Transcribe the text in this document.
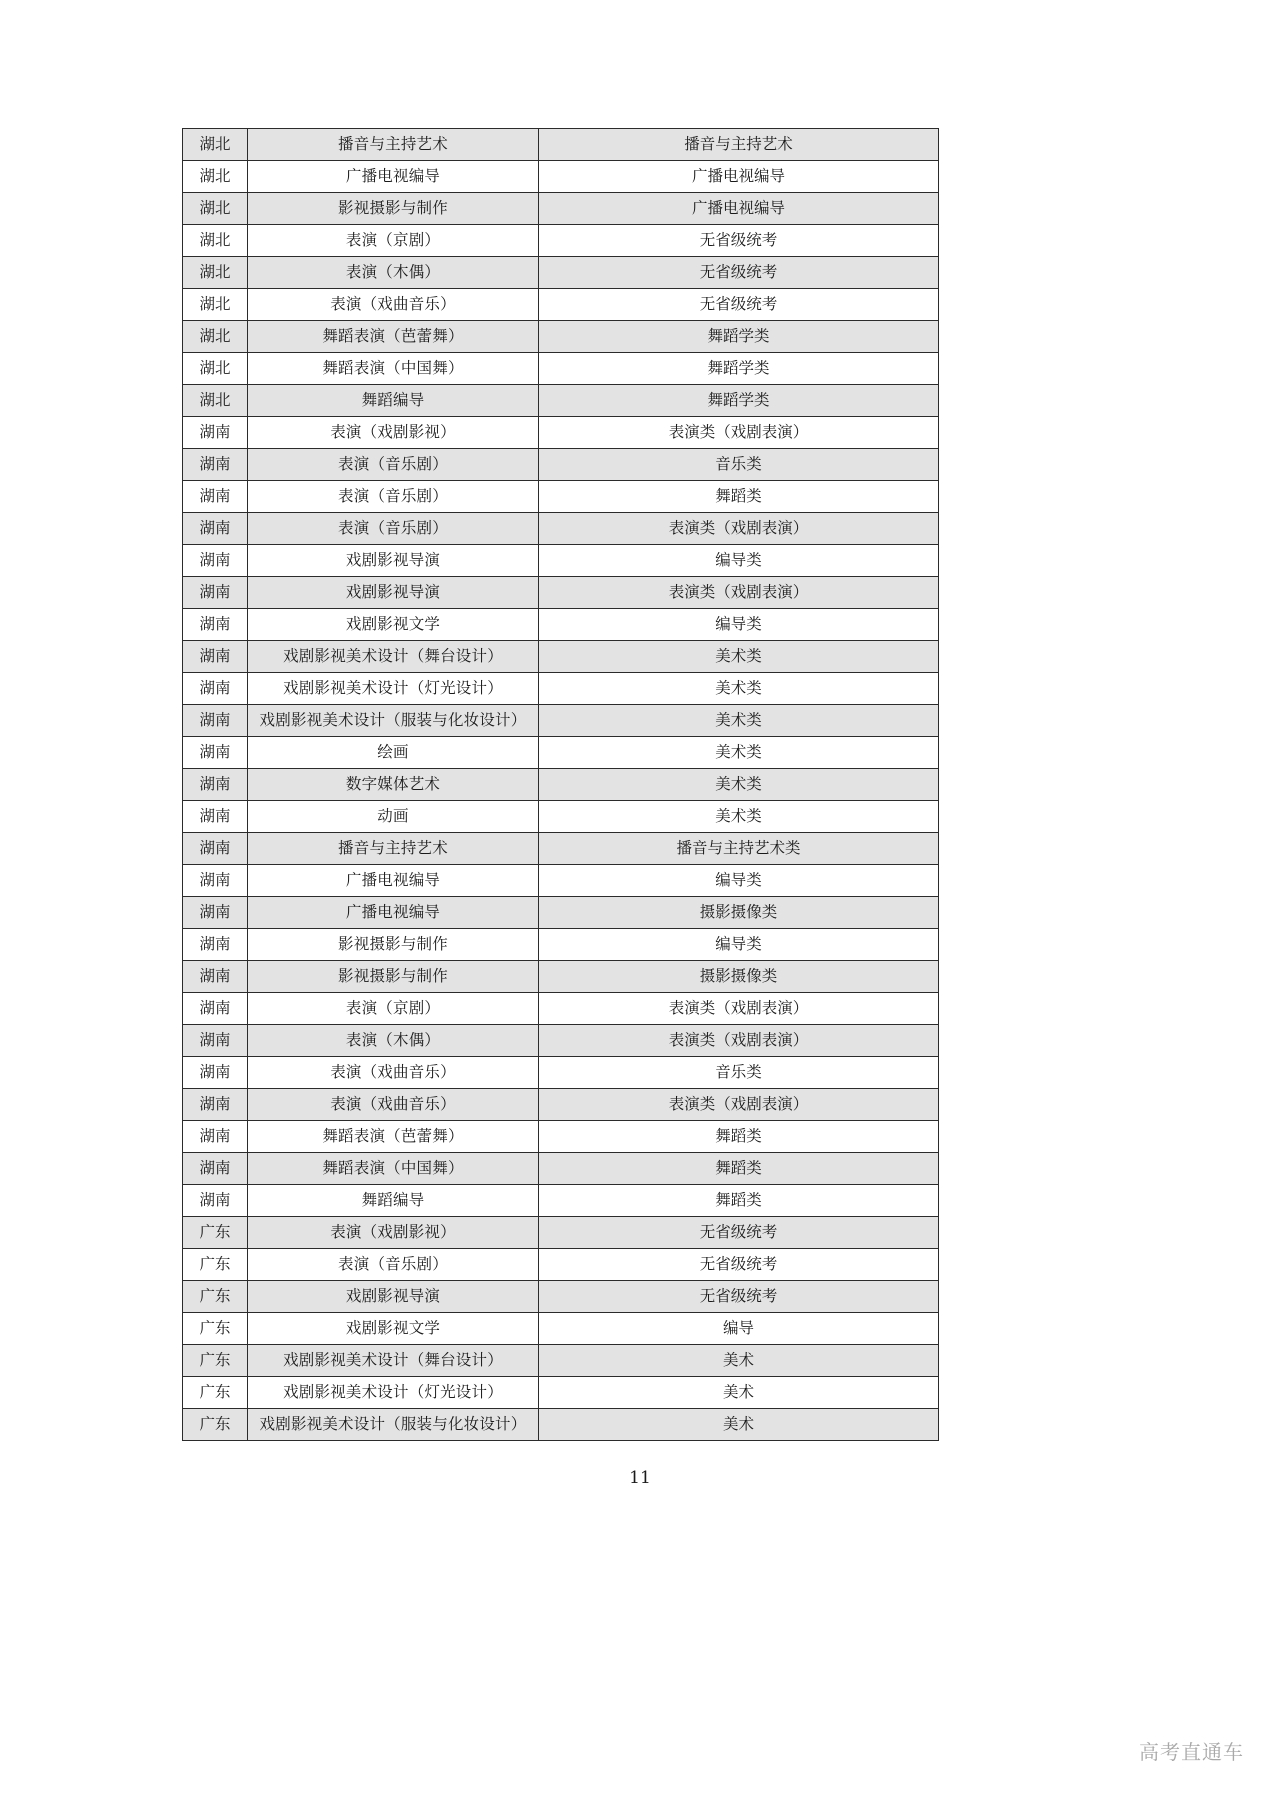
湖北	播音与主持艺术	播音与主持艺术
湖北	广播电视编导	广播电视编导
湖北	影视摄影与制作	广播电视编导
湖北	表演（京剧）	无省级统考
湖北	表演（木偶）	无省级统考
湖北	表演（戏曲音乐）	无省级统考
湖北	舞蹈表演（芭蕾舞）	舞蹈学类
湖北	舞蹈表演（中国舞）	舞蹈学类
湖北	舞蹈编导	舞蹈学类
湖南	表演（戏剧影视）	表演类（戏剧表演）
湖南	表演（音乐剧）	音乐类
湖南	表演（音乐剧）	舞蹈类
湖南	表演（音乐剧）	表演类（戏剧表演）
湖南	戏剧影视导演	编导类
湖南	戏剧影视导演	表演类（戏剧表演）
湖南	戏剧影视文学	编导类
湖南	戏剧影视美术设计（舞台设计）	美术类
湖南	戏剧影视美术设计（灯光设计）	美术类
湖南	戏剧影视美术设计（服装与化妆设计）	美术类
湖南	绘画	美术类
湖南	数字媒体艺术	美术类
湖南	动画	美术类
湖南	播音与主持艺术	播音与主持艺术类
湖南	广播电视编导	编导类
湖南	广播电视编导	摄影摄像类
湖南	影视摄影与制作	编导类
湖南	影视摄影与制作	摄影摄像类
湖南	表演（京剧）	表演类（戏剧表演）
湖南	表演（木偶）	表演类（戏剧表演）
湖南	表演（戏曲音乐）	音乐类
湖南	表演（戏曲音乐）	表演类（戏剧表演）
湖南	舞蹈表演（芭蕾舞）	舞蹈类
湖南	舞蹈表演（中国舞）	舞蹈类
湖南	舞蹈编导	舞蹈类
广东	表演（戏剧影视）	无省级统考
广东	表演（音乐剧）	无省级统考
广东	戏剧影视导演	无省级统考
广东	戏剧影视文学	编导
广东	戏剧影视美术设计（舞台设计）	美术
广东	戏剧影视美术设计（灯光设计）	美术
广东	戏剧影视美术设计（服装与化妆设计）	美术
11
高考直通车
